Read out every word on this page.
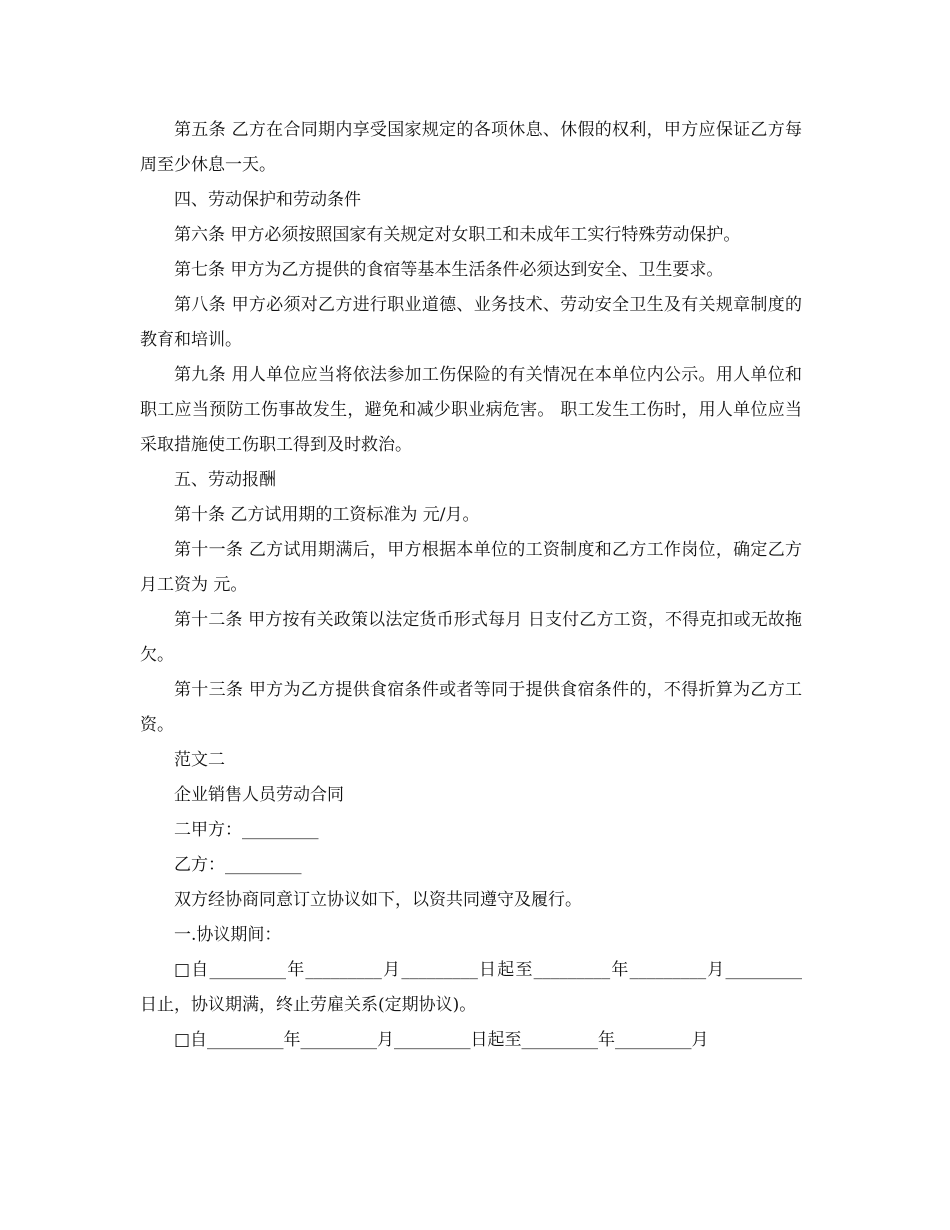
第五条 乙方在合同期内享受国家规定的各项休息、休假的权利，甲方应保证乙方每周至少休息一天。

四、劳动保护和劳动条件

第六条 甲方必须按照国家有关规定对女职工和未成年工实行特殊劳动保护。

第七条 甲方为乙方提供的食宿等基本生活条件必须达到安全、卫生要求。

第八条 甲方必须对乙方进行职业道德、业务技术、劳动安全卫生及有关规章制度的教育和培训。

第九条 用人单位应当将依法参加工伤保险的有关情况在本单位内公示。用人单位和职工应当预防工伤事故发生，避免和减少职业病危害。 职工发生工伤时，用人单位应当采取措施使工伤职工得到及时救治。

五、劳动报酬

第十条 乙方试用期的工资标准为 元/月。

第十一条 乙方试用期满后，甲方根据本单位的工资制度和乙方工作岗位，确定乙方月工资为 元。

第十二条 甲方按有关政策以法定货币形式每月 日支付乙方工资，不得克扣或无故拖欠。

第十三条 甲方为乙方提供食宿条件或者等同于提供食宿条件的，不得折算为乙方工资。

范文二

企业销售人员劳动合同

二甲方：_________

乙方：_________

双方经协商同意订立协议如下，以资共同遵守及履行。

一.协议期间：

□自_________年_________月_________日起至_________年_________月_________日止，协议期满，终止劳雇关系(定期协议)。

□自_________年_________月_________日起至_________年_________月
